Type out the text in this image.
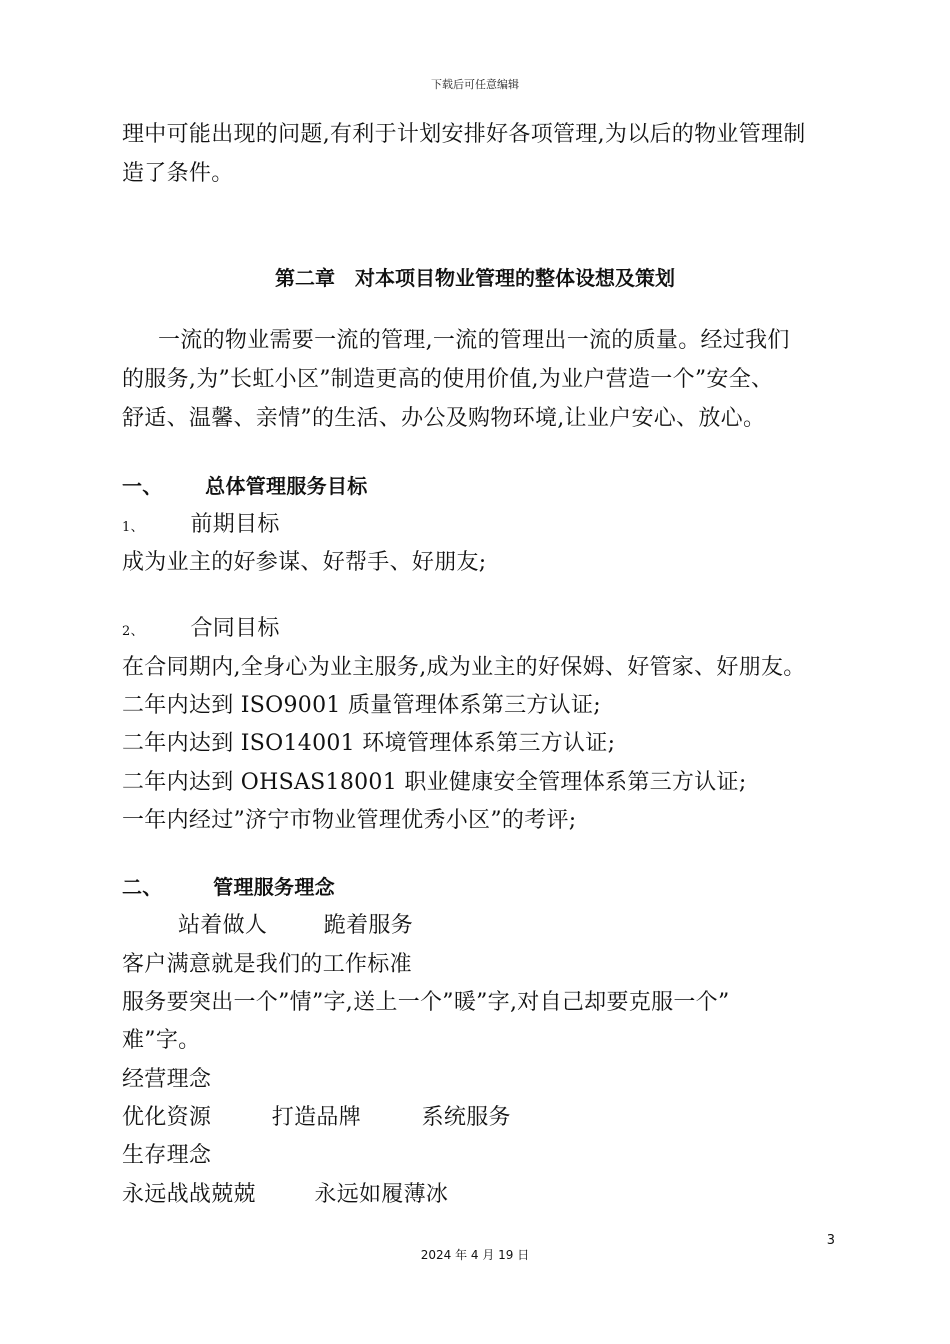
下载后可任意编辑
理中可能出现的问题,有利于计划安排好各项管理,为以后的物业管理制
造了条件。
第二章　对本项目物业管理的整体设想及策划
一流的物业需要一流的管理,一流的管理出一流的质量。经过我们
的服务,为”长虹小区”制造更高的使用价值,为业户营造一个”安全、
舒适、温馨、亲情”的生活、办公及购物环境,让业户安心、放心。
一、 总体管理服务目标
1、 前期目标
成为业主的好参谋、好帮手、好朋友;
2、 合同目标
在合同期内,全身心为业主服务,成为业主的好保姆、好管家、好朋友。
二年内达到 ISO9001 质量管理体系第三方认证;
二年内达到 ISO14001 环境管理体系第三方认证;
二年内达到 OHSAS18001 职业健康安全管理体系第三方认证;
一年内经过”济宁市物业管理优秀小区”的考评;
二、	管理服务理念
站着做人	跪着服务
客户满意就是我们的工作标准
服务要突出一个”情”字,送上一个”暖”字,对自己却要克服一个”
难”字。
经营理念
优化资源	打造品牌	系统服务
生存理念
永远战战兢兢	永远如履薄冰
3
2024 年 4 月 19 日
